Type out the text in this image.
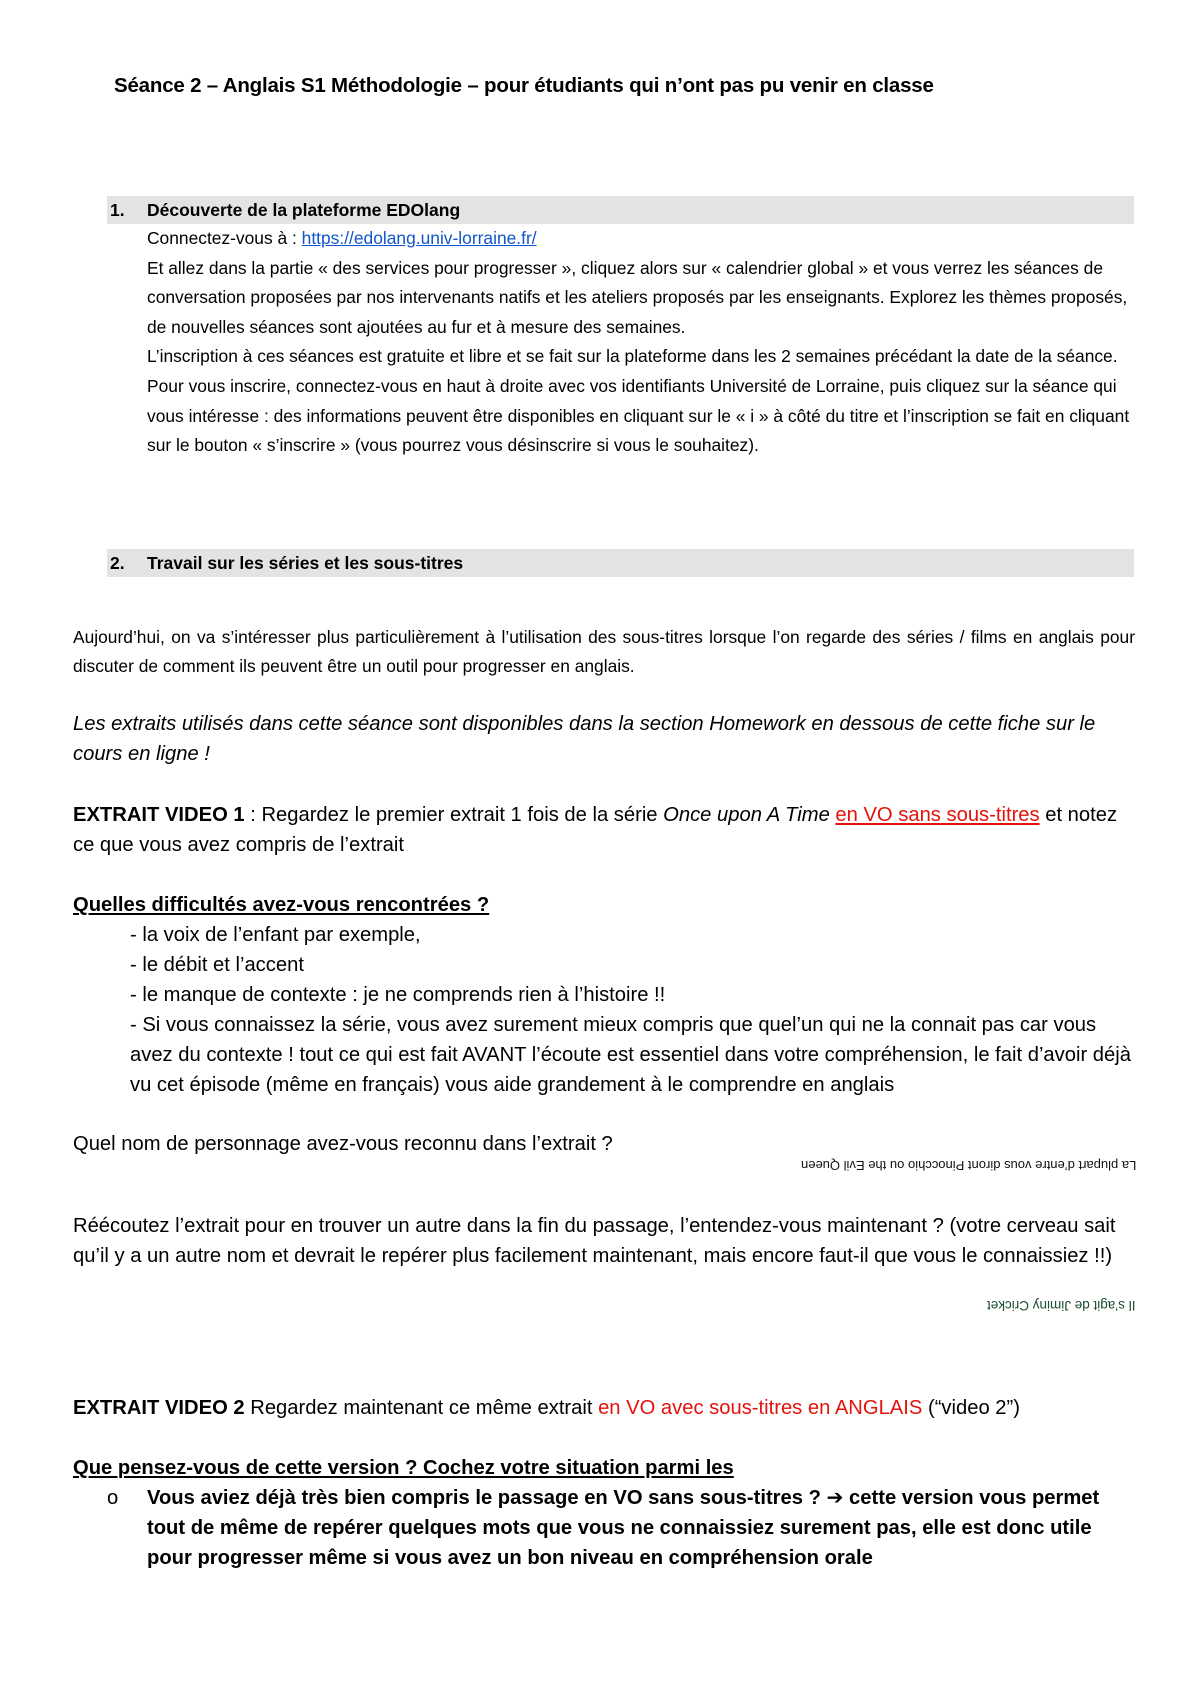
Séance 2 – Anglais S1 Méthodologie – pour étudiants qui n’ont pas pu venir en classe
1. Découverte de la plateforme EDOlang

Connectez-vous à : https://edolang.univ-lorraine.fr/

Et allez dans la partie « des services pour progresser », cliquez alors sur « calendrier global » et vous verrez les séances de conversation proposées par nos intervenants natifs et les ateliers proposés par les enseignants. Explorez les thèmes proposés, de nouvelles séances sont ajoutées au fur et à mesure des semaines.

L’inscription à ces séances est gratuite et libre et se fait sur la plateforme dans les 2 semaines précédant la date de la séance. Pour vous inscrire, connectez-vous en haut à droite avec vos identifiants Université de Lorraine, puis cliquez sur la séance qui vous intéresse : des informations peuvent être disponibles en cliquant sur le « i » à côté du titre et l’inscription se fait en cliquant sur le bouton « s’inscrire » (vous pourrez vous désinscrire si vous le souhaitez).

2. Travail sur les séries et les sous-titres
Aujourd’hui, on va s’intéresser plus particulièrement à l’utilisation des sous-titres lorsque l’on regarde des séries / films en anglais pour discuter de comment ils peuvent être un outil pour progresser en anglais.
Les extraits utilisés dans cette séance sont disponibles dans la section Homework en dessous de cette fiche sur le cours en ligne !
EXTRAIT VIDEO 1 : Regardez le premier extrait 1 fois de la série Once upon A Time en VO sans sous-titres et notez ce que vous avez compris de l’extrait
Quelles difficultés avez-vous rencontrées ?
- la voix de l’enfant par exemple,
- le débit et l’accent
- le manque de contexte : je ne comprends rien à l’histoire !!
- Si vous connaissez la série, vous avez surement mieux compris que quel’un qui ne la connait pas car vous avez du contexte ! tout ce qui est fait AVANT l’écoute est essentiel dans votre compréhension, le fait d’avoir déjà vu cet épisode (même en français) vous aide grandement à le comprendre en anglais
Quel nom de personnage avez-vous reconnu dans l’extrait ?
La plupart d’entre vous diront Pinocchio ou the Evil Queen
Réécoutez l’extrait pour en trouver un autre dans la fin du passage, l’entendez-vous maintenant ? (votre cerveau sait qu’il y a un autre nom et devrait le repérer plus facilement maintenant, mais encore faut-il que vous le connaissiez !!)
Il s’agit de Jiminy Cricket
EXTRAIT VIDEO 2 Regardez maintenant ce même extrait en VO avec sous-titres en ANGLAIS (“video 2”)
Que pensez-vous de cette version ? Cochez votre situation parmi les
o Vous aviez déjà très bien compris le passage en VO sans sous-titres ? ➔ cette version vous permet tout de même de repérer quelques mots que vous ne connaissiez surement pas, elle est donc utile pour progresser même si vous avez un bon niveau en compréhension orale
